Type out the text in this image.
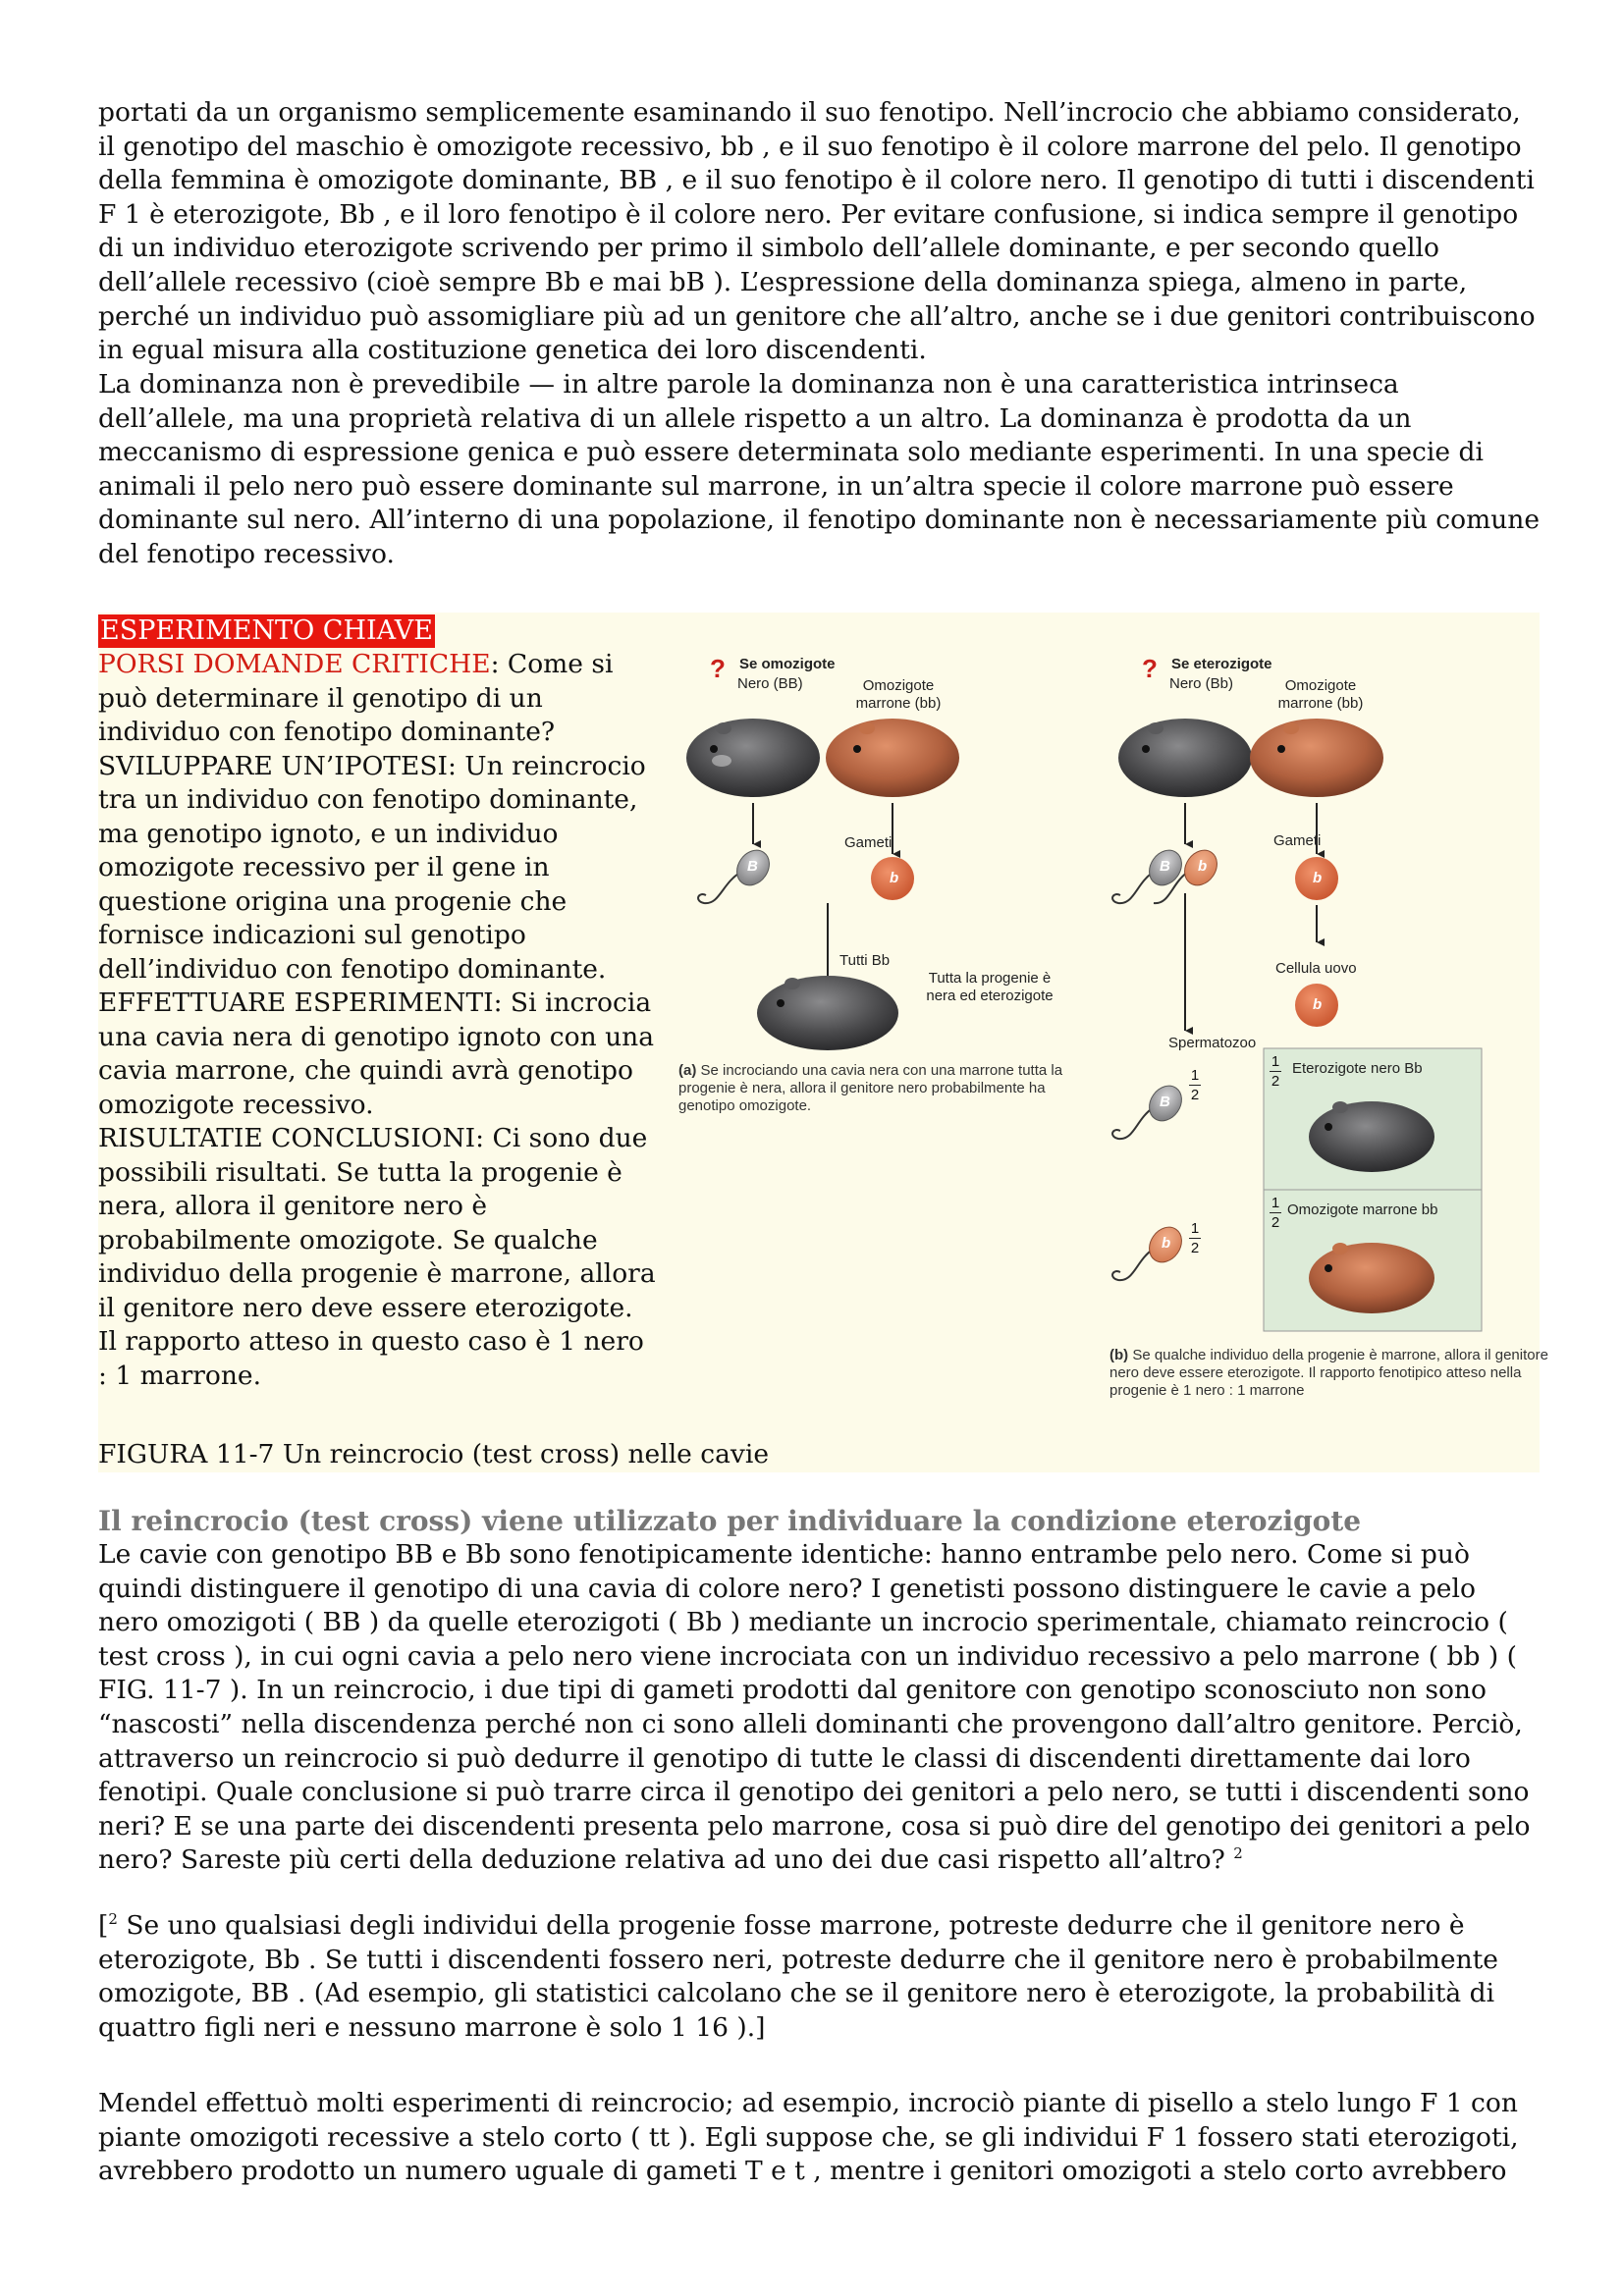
portati da un organismo semplicemente esaminando il suo fenotipo. Nell’incrocio che abbiamo considerato, il genotipo del maschio è omozigote recessivo, bb , e il suo fenotipo è il colore marrone del pelo. Il genotipo della femmina è omozigote dominante, BB , e il suo fenotipo è il colore nero. Il genotipo di tutti i discendenti F 1 è eterozigote, Bb , e il loro fenotipo è il colore nero. Per evitare confusione, si indica sempre il genotipo di un individuo eterozigote scrivendo per primo il simbolo dell’allele dominante, e per secondo quello dell’allele recessivo (cioè sempre Bb e mai bB ). L’espressione della dominanza spiega, almeno in parte, perché un individuo può assomigliare più ad un genitore che all’altro, anche se i due genitori contribuiscono in egual misura alla costituzione genetica dei loro discendenti.

La dominanza non è prevedibile — in altre parole la dominanza non è una caratteristica intrinseca dell’allele, ma una proprietà relativa di un allele rispetto a un altro. La dominanza è prodotta da un meccanismo di espressione genica e può essere determinata solo mediante esperimenti. In una specie di animali il pelo nero può essere dominante sul marrone, in un’altra specie il colore marrone può essere dominante sul nero. All’interno di una popolazione, il fenotipo dominante non è necessariamente più comune del fenotipo recessivo.

ESPERIMENTO CHIAVE
PORSI DOMANDE CRITICHE: Come si può determinare il genotipo di un individuo con fenotipo dominante?
SVILUPPARE UN’IPOTESI: Un reincrocio tra un individuo con fenotipo dominante, ma genotipo ignoto, e un individuo omozigote recessivo per il gene in questione origina una progenie che fornisce indicazioni sul genotipo dell’individuo con fenotipo dominante.
EFFETTUARE ESPERIMENTI: Si incrocia una cavia nera di genotipo ignoto con una cavia marrone, che quindi avrà genotipo omozigote recessivo.
RISULTATIE CONCLUSIONI: Ci sono due possibili risultati. Se tutta la progenie è nera, allora il genitore nero è probabilmente omozigote. Se qualche individuo della progenie è marrone, allora il genitore nero deve essere eterozigote. Il rapporto atteso in questo caso è 1 nero : 1 marrone.
FIGURA 11-7 Un reincrocio (test cross) nelle cavie
? Se omozigote
Nero (BB)	Omozigote marrone (bb)
Gameti
B
b
Tutti Bb
Tutta la progenie è nera ed eterozigote
(a) Se incrociando una cavia nera con una marrone tutta la progenie è nera, allora il genitore nero probabilmente ha genotipo omozigote.
? Se eterozigote
Nero (Bb)	Omozigote marrone (bb)
Gameti
Cellula uovo
Spermatozoo
B b
b
b
B
b
1
2
Eterozigote nero Bb
1
2
Omozigote marrone bb
1
2
1
2
(b) Se qualche individuo della progenie è marrone, allora il genitore nero deve essere eterozigote. Il rapporto fenotipico atteso nella progenie è 1 nero : 1 marrone
Il reincrocio (test cross) viene utilizzato per individuare la condizione eterozigote

Le cavie con genotipo BB e Bb sono fenotipicamente identiche: hanno entrambe pelo nero. Come si può quindi distinguere il genotipo di una cavia di colore nero? I genetisti possono distinguere le cavie a pelo nero omozigoti ( BB ) da quelle eterozigoti ( Bb ) mediante un incrocio sperimentale, chiamato reincrocio ( test cross ), in cui ogni cavia a pelo nero viene incrociata con un individuo recessivo a pelo marrone ( bb ) ( FIG. 11-7 ). In un reincrocio, i due tipi di gameti prodotti dal genitore con genotipo sconosciuto non sono “nascosti” nella discendenza perché non ci sono alleli dominanti che provengono dall’altro genitore. Perciò, attraverso un reincrocio si può dedurre il genotipo di tutte le classi di discendenti direttamente dai loro fenotipi. Quale conclusione si può trarre circa il genotipo dei genitori a pelo nero, se tutti i discendenti sono neri? E se una parte dei discendenti presenta pelo marrone, cosa si può dire del genotipo dei genitori a pelo nero? Sareste più certi della deduzione relativa ad uno dei due casi rispetto all’altro? $^2$

[$^2$ Se uno qualsiasi degli individui della progenie fosse marrone, potreste dedurre che il genitore nero è eterozigote, Bb . Se tutti i discendenti fossero neri, potreste dedurre che il genitore nero è probabilmente omozigote, BB . (Ad esempio, gli statistici calcolano che se il genitore nero è eterozigote, la probabilità di quattro figli neri e nessuno marrone è solo 1 16 ).]

Mendel effettuò molti esperimenti di reincrocio; ad esempio, incrociò piante di pisello a stelo lungo F 1 con piante omozigoti recessive a stelo corto ( tt ). Egli suppose che, se gli individui F 1 fossero stati eterozigoti, avrebbero prodotto un numero uguale di gameti T e t , mentre i genitori omozigoti a stelo corto avrebbero
